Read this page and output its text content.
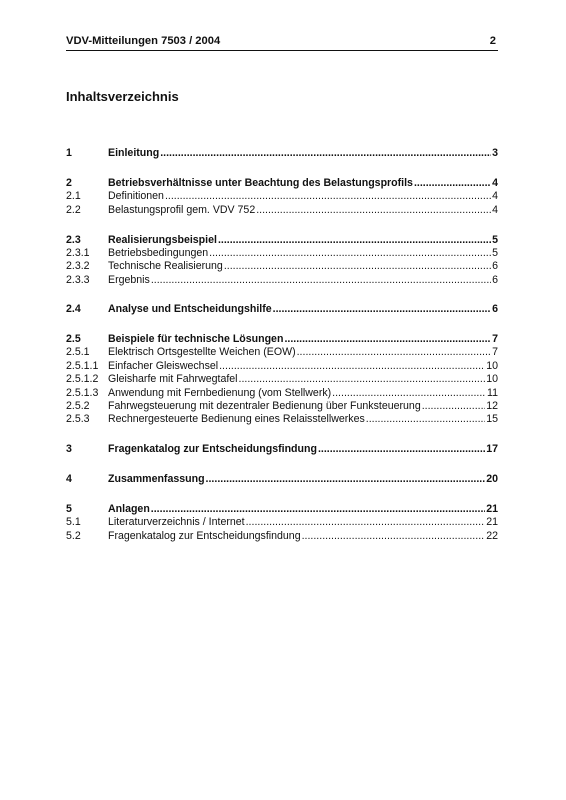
VDV-Mitteilungen 7503 / 2004	2
Inhaltsverzeichnis
1	Einleitung .....	3
2	Betriebsverhältnisse unter Beachtung des Belastungsprofils .....	4
2.1	Definitionen .....	4
2.2	Belastungsprofil gem. VDV 752 .....	4
2.3	Realisierungsbeispiel .....	5
2.3.1	Betriebsbedingungen .....	5
2.3.2	Technische Realisierung .....	6
2.3.3	Ergebnis .....	6
2.4	Analyse und Entscheidungshilfe .....	6
2.5	Beispiele für technische Lösungen .....	7
2.5.1	Elektrisch Ortsgestellte Weichen (EOW) .....	7
2.5.1.1 Einfacher Gleiswechsel .....	10
2.5.1.2 Gleisharfe mit Fahrwegtafel .....	10
2.5.1.3 Anwendung mit Fernbedienung (vom Stellwerk) .....	11
2.5.2	Fahrwegsteuerung mit dezentraler Bedienung über Funksteuerung .....	12
2.5.3	Rechnergesteuerte Bedienung eines Relaisstellwerkes .....	15
3	Fragenkatalog zur Entscheidungsfindung .....	17
4	Zusammenfassung .....	20
5	Anlagen .....	21
5.1	Literaturverzeichnis / Internet .....	21
5.2	Fragenkatalog zur Entscheidungsfindung .....	22
